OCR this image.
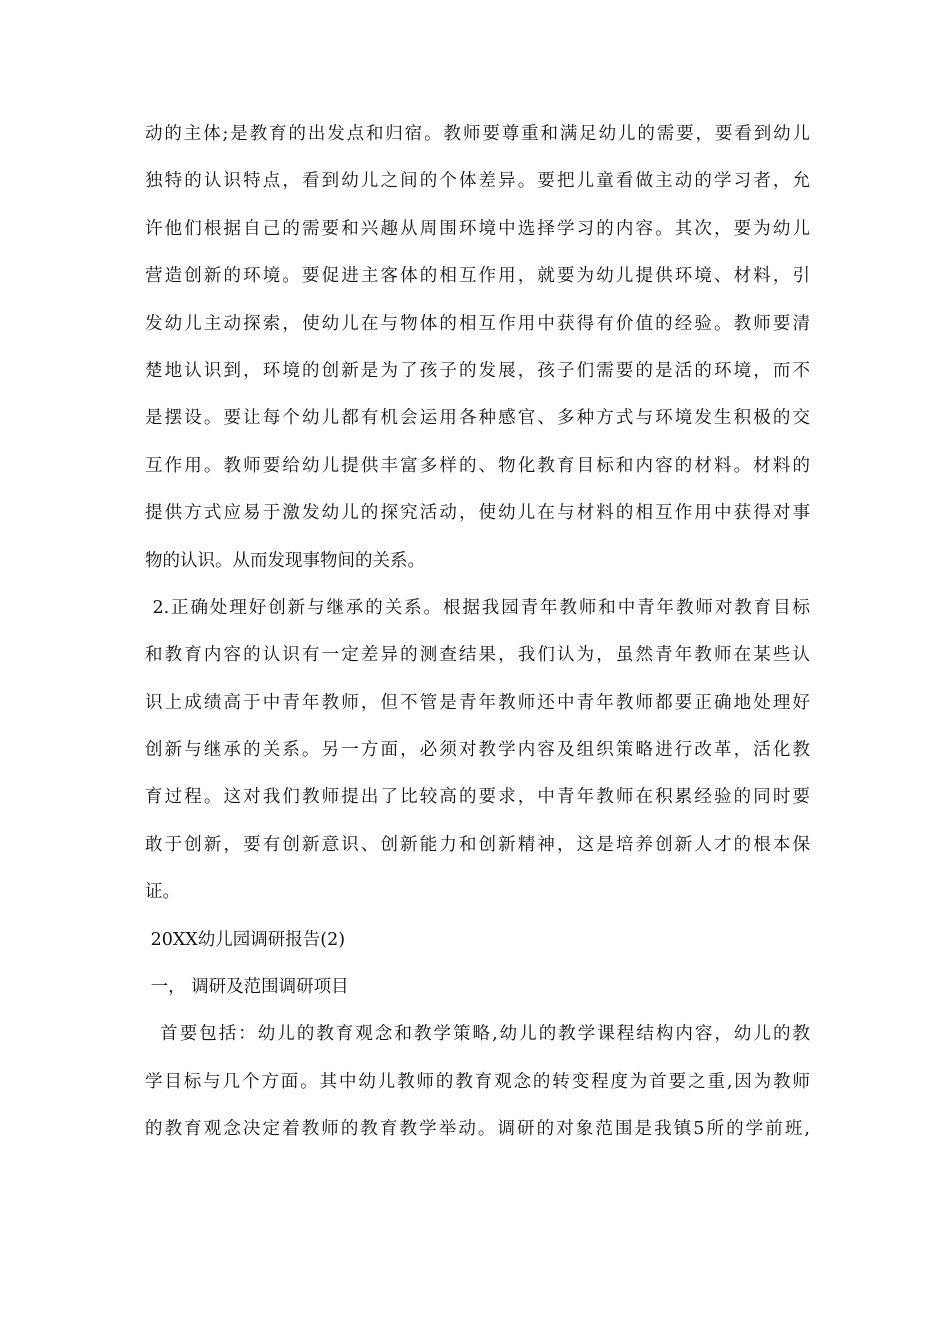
动的主体;是教育的出发点和归宿。教师要尊重和满足幼儿的需要，要看到幼儿
独特的认识特点，看到幼儿之间的个体差异。要把儿童看做主动的学习者，允
许他们根据自己的需要和兴趣从周围环境中选择学习的内容。其次，要为幼儿
营造创新的环境。要促进主客体的相互作用，就要为幼儿提供环境、材料，引
发幼儿主动探索，使幼儿在与物体的相互作用中获得有价值的经验。教师要清
楚地认识到，环境的创新是为了孩子的发展，孩子们需要的是活的环境，而不
是摆设。要让每个幼儿都有机会运用各种感官、多种方式与环境发生积极的交
互作用。教师要给幼儿提供丰富多样的、物化教育目标和内容的材料。材料的
提供方式应易于激发幼儿的探究活动，使幼儿在与材料的相互作用中获得对事
物的认识。从而发现事物间的关系。
2.正确处理好创新与继承的关系。根据我园青年教师和中青年教师对教育目标
和教育内容的认识有一定差异的测查结果，我们认为，虽然青年教师在某些认
识上成绩高于中青年教师，但不管是青年教师还中青年教师都要正确地处理好
创新与继承的关系。另一方面，必须对教学内容及组织策略进行改革，活化教
育过程。这对我们教师提出了比较高的要求，中青年教师在积累经验的同时要
敢于创新，要有创新意识、创新能力和创新精神，这是培养创新人才的根本保
证。
20XX幼儿园调研报告(2)
一， 调研及范围调研项目
首要包括：幼儿的教育观念和教学策略,幼儿的教学课程结构内容，幼儿的教
学目标与几个方面。其中幼儿教师的教育观念的转变程度为首要之重,因为教师
的教育观念决定着教师的教育教学举动。调研的对象范围是我镇5所的学前班,
